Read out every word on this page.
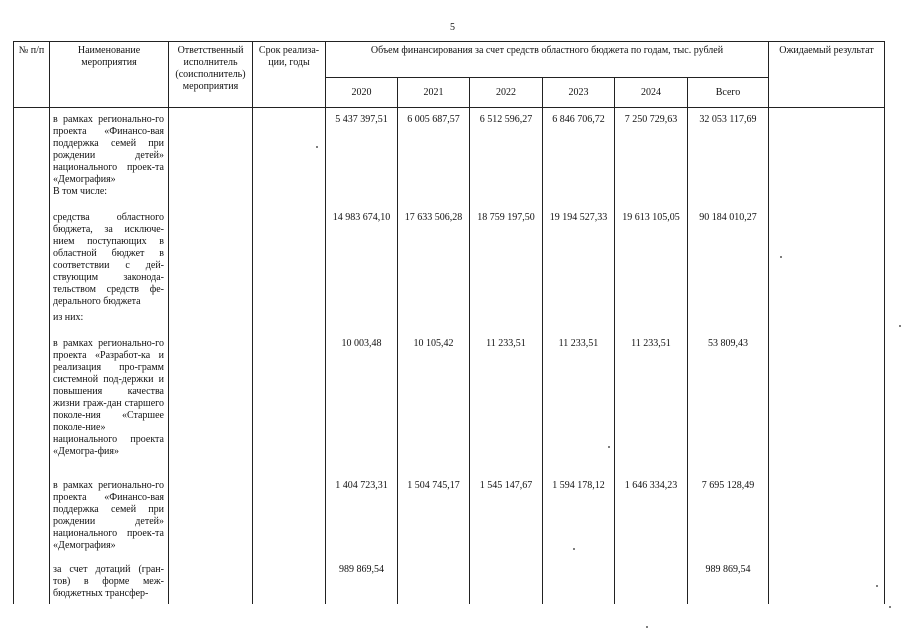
5
№ п/п	Наименование мероприятия	Ответственный исполнитель (соисполнитель) мероприятия	Срок реализа-ции, годы	Объем финансирования за счет средств областного бюджета по годам, тыс. рублей						Ожидаемый результат
				2020	2021	2022	2023	2024	Всего	
	в рамках регионально-го проекта «Финансо-вая поддержка семей при рождении детей» национального проек-та «Демография»			5 437 397,51	6 005 687,57	6 512 596,27	6 846 706,72	7 250 729,63	32 053 117,69	
	В том числе:									
	средства областного бюджета, за исключе-нием поступающих в областной бюджет в соответствии с дей-ствующим законода-тельством средств фе-дерального бюджета			14 983 674,10	17 633 506,28	18 759 197,50	19 194 527,33	19 613 105,05	90 184 010,27	
	из них:									
	в рамках регионально-го проекта «Разработ-ка и реализация про-грамм системной под-держки и повышения качества жизни граж-дан старшего поколе-ния «Старшее поколе-ние» национального проекта «Демогра-фия»			10 003,48	10 105,42	11 233,51	11 233,51	11 233,51	53 809,43	
	в рамках регионально-го проекта «Финансо-вая поддержка семей при рождении детей» национального проек-та «Демография»			1 404 723,31	1 504 745,17	1 545 147,67	1 594 178,12	1 646 334,23	7 695 128,49	
	за счет дотаций (гран-тов) в форме меж-бюджетных трансфер-			989 869,54					989 869,54	
